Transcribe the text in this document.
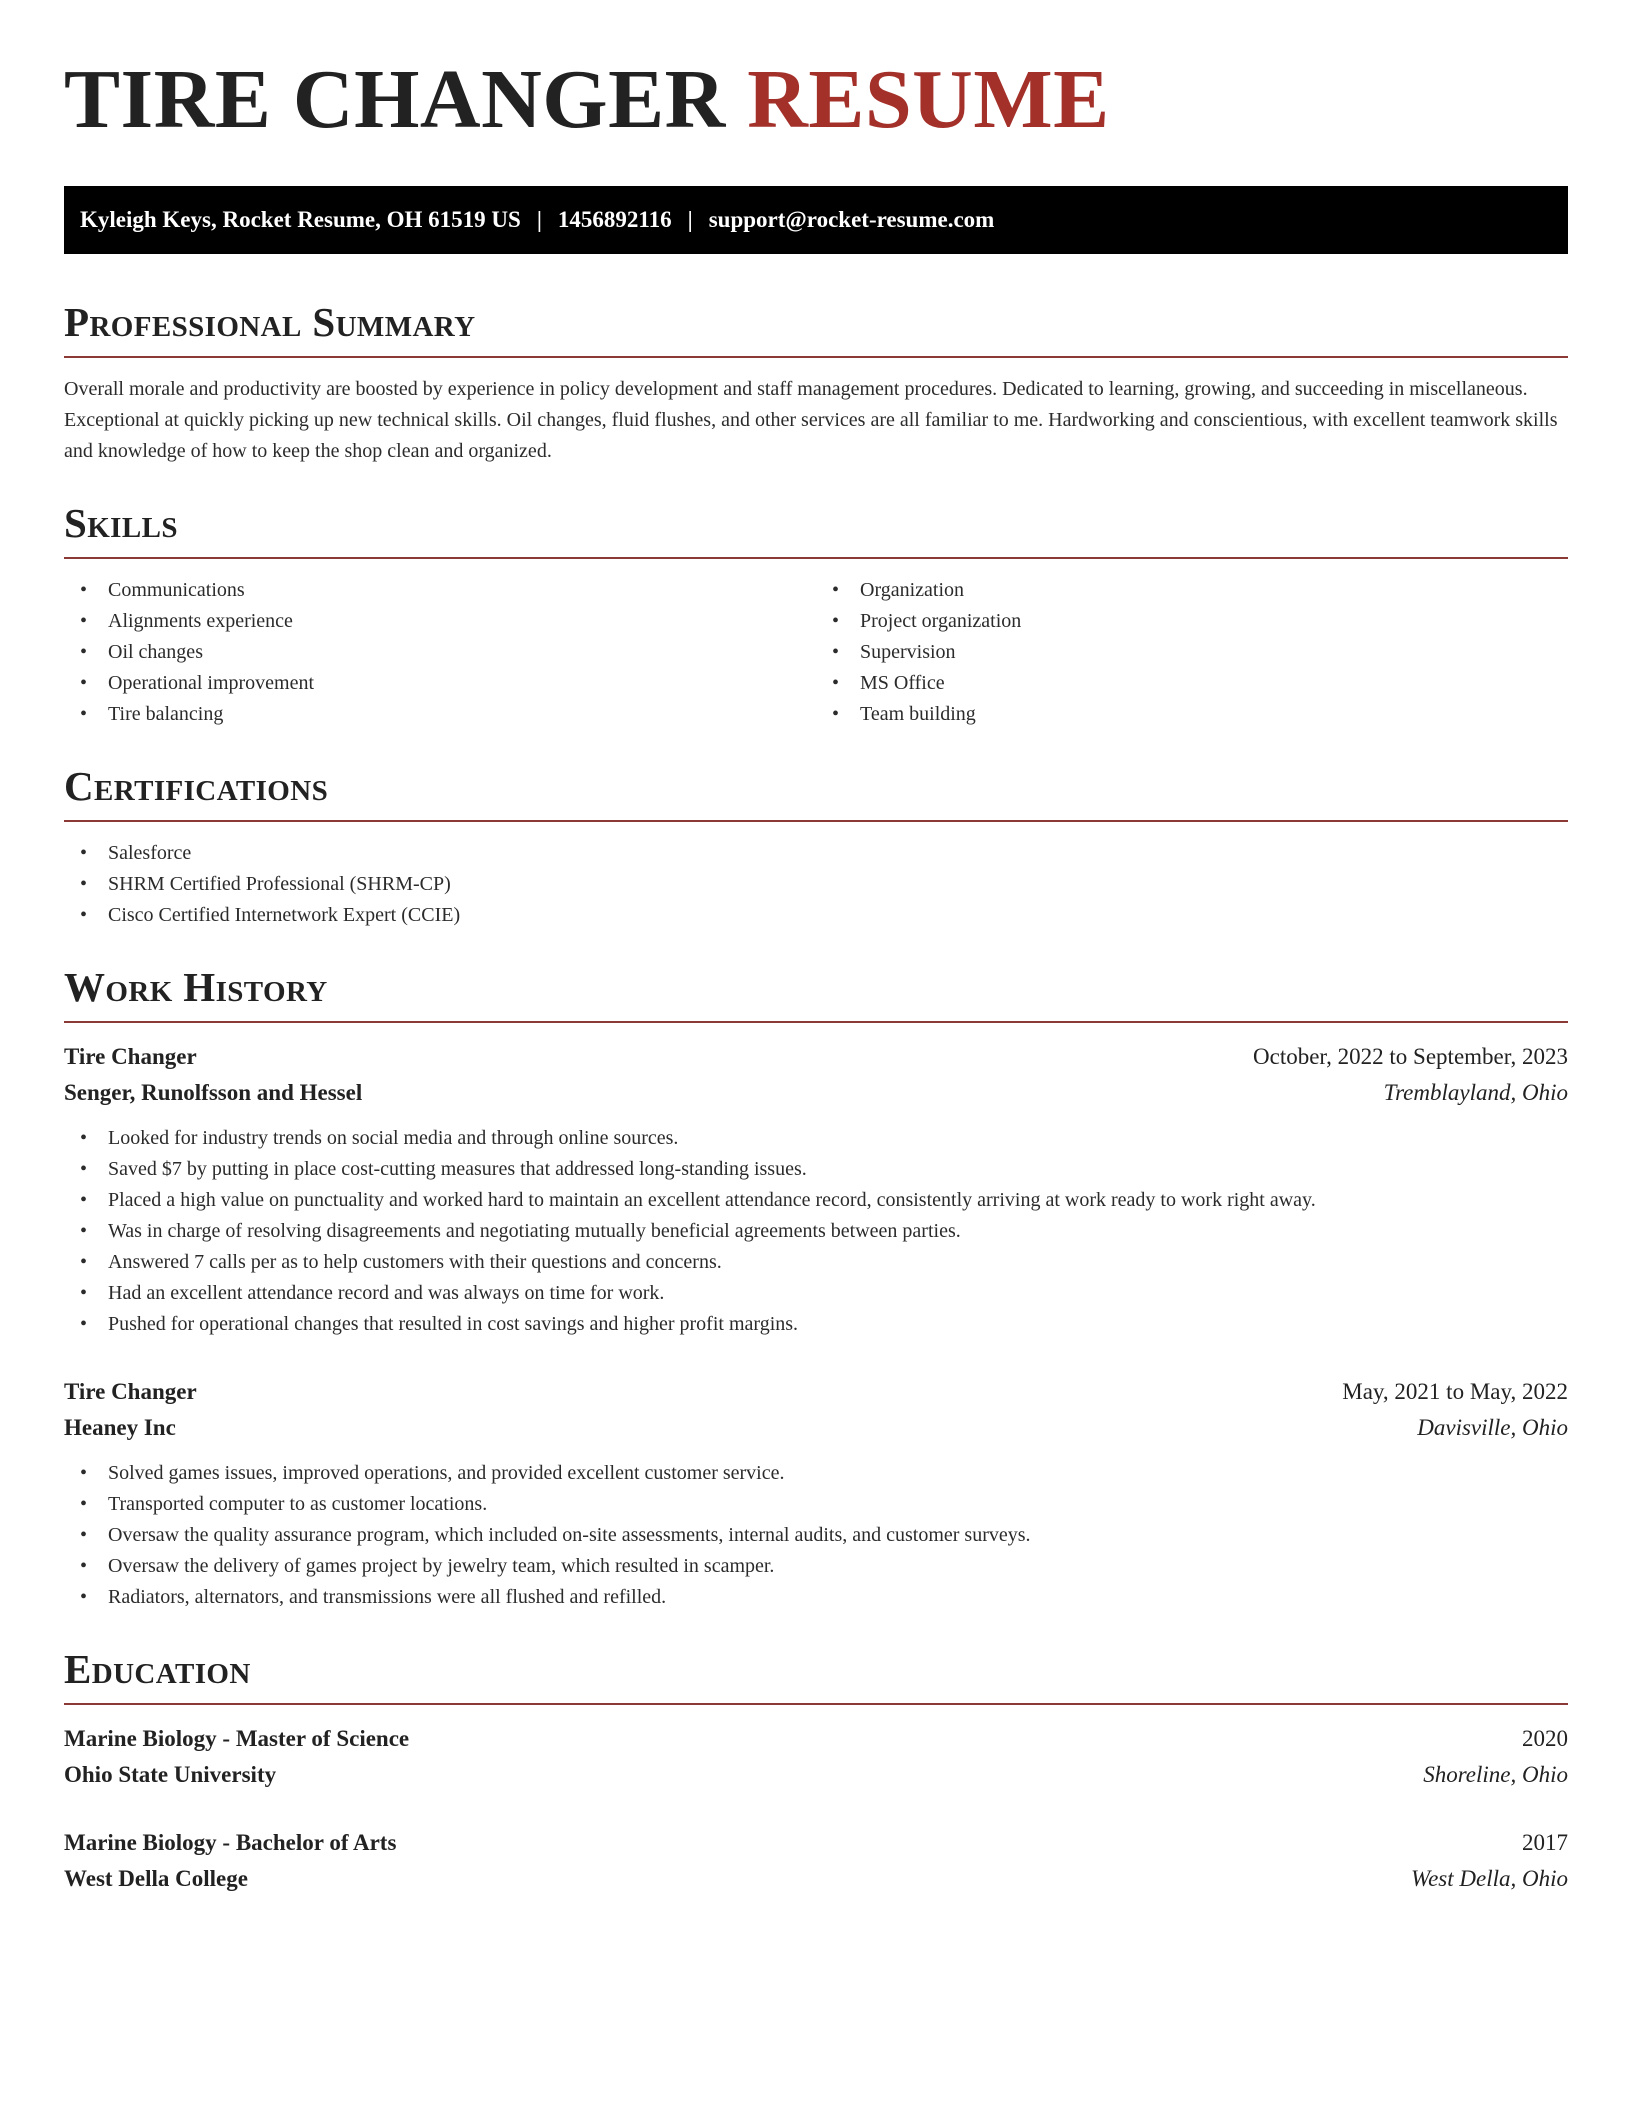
TIRE CHANGER RESUME
Kyleigh Keys, Rocket Resume, OH 61519 US | 1456892116 | support@rocket-resume.com
Professional Summary

Overall morale and productivity are boosted by experience in policy development and staff management procedures. Dedicated to learning, growing, and succeeding in miscellaneous. Exceptional at quickly picking up new technical skills. Oil changes, fluid flushes, and other services are all familiar to me. Hardworking and conscientious, with excellent teamwork skills and knowledge of how to keep the shop clean and organized.

Skills
• Communications
• Alignments experience
• Oil changes
• Operational improvement
• Tire balancing
• Organization
• Project organization
• Supervision
• MS Office
• Team building
Certifications
• Salesforce
• SHRM Certified Professional (SHRM-CP)
• Cisco Certified Internetwork Expert (CCIE)
Work History
Tire Changer	October, 2022 to September, 2023
Senger, Runolfsson and Hessel	Tremblayland, Ohio
• Looked for industry trends on social media and through online sources.
• Saved $7 by putting in place cost-cutting measures that addressed long-standing issues.
• Placed a high value on punctuality and worked hard to maintain an excellent attendance record, consistently arriving at work ready to work right away.
• Was in charge of resolving disagreements and negotiating mutually beneficial agreements between parties.
• Answered 7 calls per as to help customers with their questions and concerns.
• Had an excellent attendance record and was always on time for work.
• Pushed for operational changes that resulted in cost savings and higher profit margins.
Tire Changer	May, 2021 to May, 2022
Heaney Inc	Davisville, Ohio
• Solved games issues, improved operations, and provided excellent customer service.
• Transported computer to as customer locations.
• Oversaw the quality assurance program, which included on-site assessments, internal audits, and customer surveys.
• Oversaw the delivery of games project by jewelry team, which resulted in scamper.
• Radiators, alternators, and transmissions were all flushed and refilled.
Education
Marine Biology - Master of Science	2020
Ohio State University	Shoreline, Ohio
Marine Biology - Bachelor of Arts	2017
West Della College	West Della, Ohio
